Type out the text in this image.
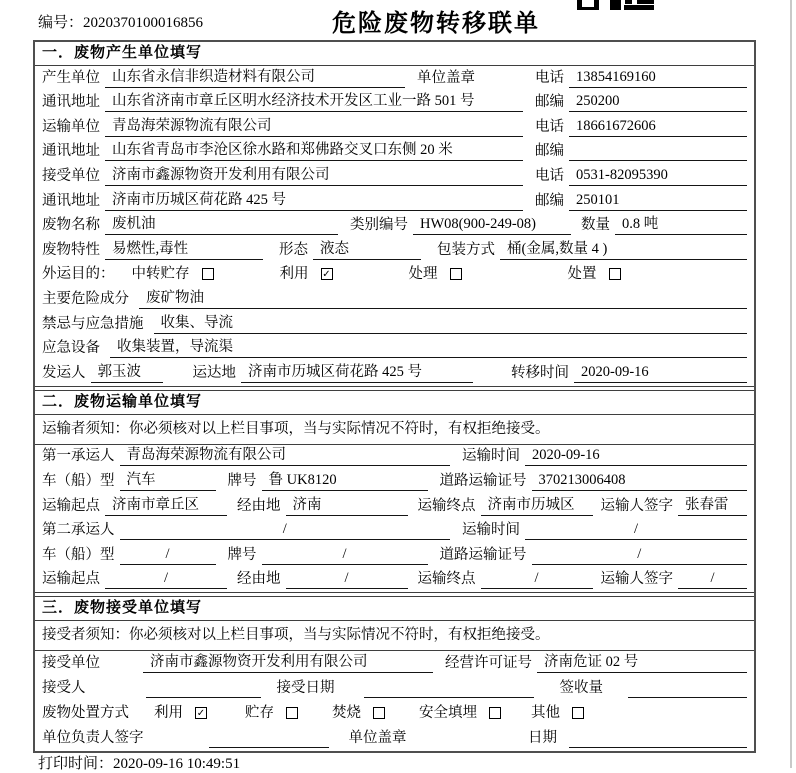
编号：2020370100016856	危险废物转移联单
一．废物产生单位填写
产生单位 山东省永信非织造材料有限公司	单位盖章	电话 13854169160
通讯地址 山东省济南市章丘区明水经济技术开发区工业一路 501 号	邮编 250200
运输单位 青岛海荣源物流有限公司	电话 18661672606
通讯地址 山东省青岛市李沧区徐水路和郑佛路交叉口东侧 20 米	邮编
接受单位 济南市鑫源物资开发利用有限公司	电话 0531-82095390
通讯地址 济南市历城区荷花路 425 号	邮编 250101
废物名称 废机油	类别编号 HW08(900-249-08)	数量 0.8 吨
废物特性 易燃性,毒性	形态 液态	包装方式 桶(金属,数量 4 )
外运目的： 中转贮存	利用 ✓	处理	处置
主要危险成分	废矿物油
禁忌与应急措施	收集、导流
应急设备	收集装置，导流渠
发运人 郭玉波	运达地 济南市历城区荷花路 425 号	转移时间 2020-09-16
二．废物运输单位填写
运输者须知：你必须核对以上栏目事项，当与实际情况不符时，有权拒绝接受。
第一承运人 青岛海荣源物流有限公司	运输时间 2020-09-16
车（船）型 汽车	牌号 鲁 UK8120	道路运输证号 370213006408
运输起点 济南市章丘区	经由地 济南	运输终点 济南市历城区	运输人签字 张春雷
第二承运人	/	运输时间	/
车（船）型	/	牌号	/	道路运输证号	/
运输起点	/	经由地	/	运输终点	/	运输人签字	/
三．废物接受单位填写
接受者须知：你必须核对以上栏目事项，当与实际情况不符时，有权拒绝接受。
接受单位	济南市鑫源物资开发利用有限公司	经营许可证号 济南危证 02 号
接受人	接受日期	签收量
废物处置方式 利用 ✓	贮存	焚烧	安全填埋	其他
单位负责人签字	单位盖章	日期
打印时间：2020-09-16 10:49:51
